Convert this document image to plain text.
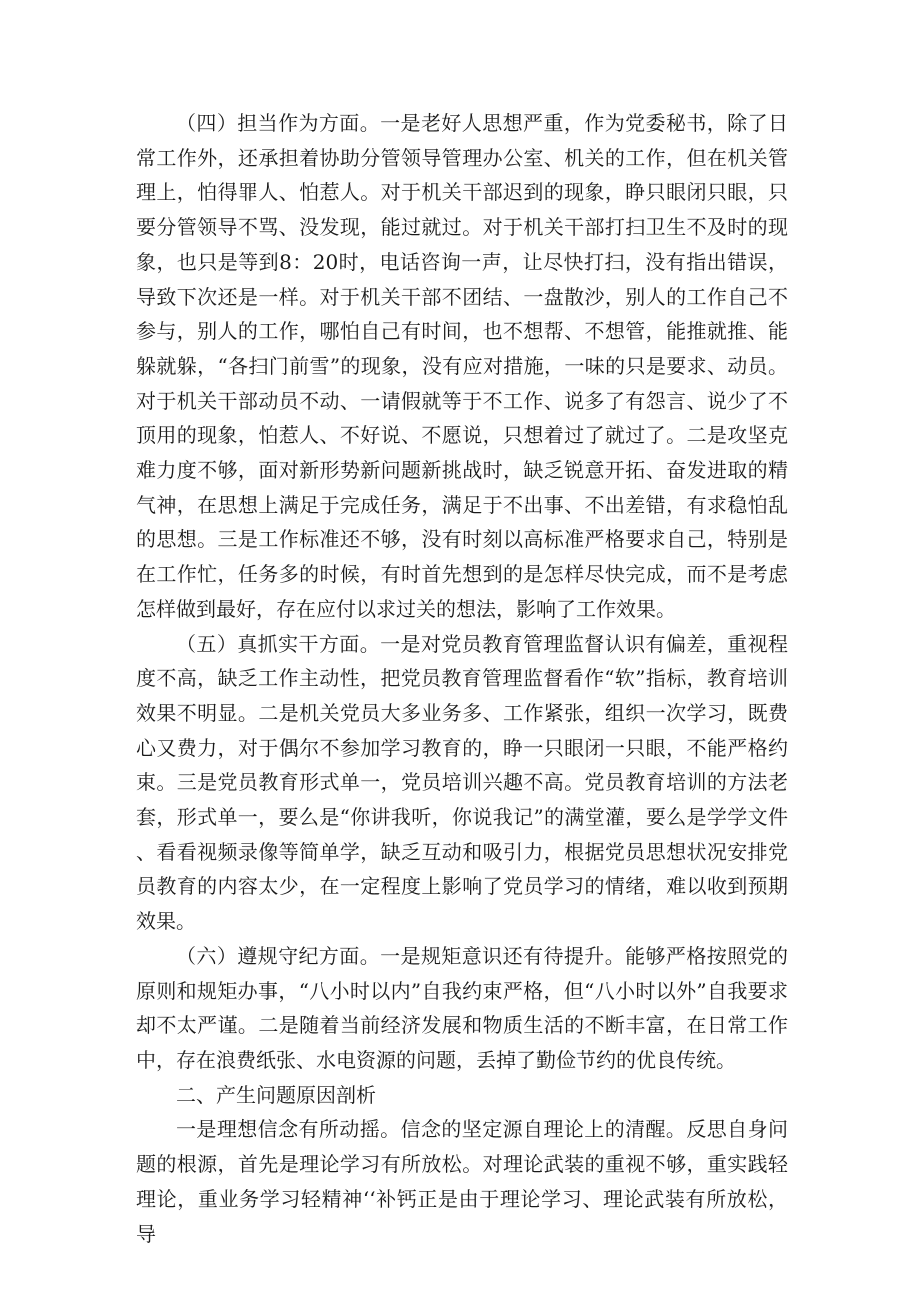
（四）担当作为方面。一是老好人思想严重，作为党委秘书，除了日常工作外，还承担着协助分管领导管理办公室、机关的工作，但在机关管理上，怕得罪人、怕惹人。对于机关干部迟到的现象，睁只眼闭只眼，只要分管领导不骂、没发现，能过就过。对于机关干部打扫卫生不及时的现象，也只是等到8：20时，电话咨询一声，让尽快打扫，没有指出错误，导致下次还是一样。对于机关干部不团结、一盘散沙，别人的工作自己不参与，别人的工作，哪怕自己有时间，也不想帮、不想管，能推就推、能躲就躲，“各扫门前雪”的现象，没有应对措施，一味的只是要求、动员。对于机关干部动员不动、一请假就等于不工作、说多了有怨言、说少了不顶用的现象，怕惹人、不好说、不愿说，只想着过了就过了。二是攻坚克难力度不够，面对新形势新问题新挑战时，缺乏锐意开拓、奋发进取的精气神，在思想上满足于完成任务，满足于不出事、不出差错，有求稳怕乱的思想。三是工作标准还不够，没有时刻以高标准严格要求自己，特别是在工作忙，任务多的时候，有时首先想到的是怎样尽快完成，而不是考虑怎样做到最好，存在应付以求过关的想法，影响了工作效果。

（五）真抓实干方面。一是对党员教育管理监督认识有偏差，重视程度不高，缺乏工作主动性，把党员教育管理监督看作“软”指标，教育培训效果不明显。二是机关党员大多业务多、工作紧张，组织一次学习，既费心又费力，对于偶尔不参加学习教育的，睁一只眼闭一只眼，不能严格约束。三是党员教育形式单一，党员培训兴趣不高。党员教育培训的方法老套，形式单一，要么是“你讲我听，你说我记”的满堂灌，要么是学学文件、看看视频录像等简单学，缺乏互动和吸引力，根据党员思想状况安排党员教育的内容太少，在一定程度上影响了党员学习的情绪，难以收到预期效果。

（六）遵规守纪方面。一是规矩意识还有待提升。能够严格按照党的原则和规矩办事，“八小时以内”自我约束严格，但“八小时以外”自我要求却不太严谨。二是随着当前经济发展和物质生活的不断丰富，在日常工作中，存在浪费纸张、水电资源的问题，丢掉了勤俭节约的优良传统。

二、产生问题原因剖析

一是理想信念有所动摇。信念的坚定源自理论上的清醒。反思自身问题的根源，首先是理论学习有所放松。对理论武装的重视不够，重实践轻理论，重业务学习轻精神‘‘补钙正是由于理论学习、理论武装有所放松，导
